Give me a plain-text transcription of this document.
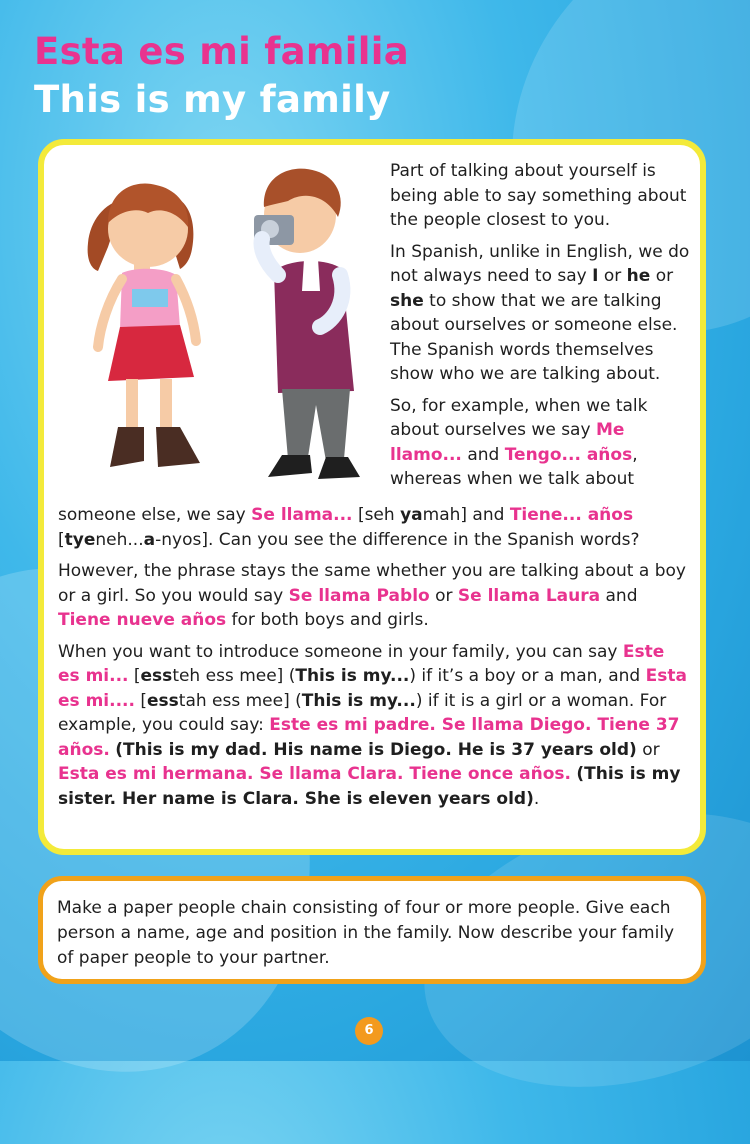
Esta es mi familia
This is my family

Part of talking about yourself is being able to say something about the people closest to you.

In Spanish, unlike in English, we do not always need to say I or he or she to show that we are talking about ourselves or someone else. The Spanish words themselves show who we are talking about.

So, for example, when we talk about ourselves we say Me llamo... and Tengo... años, whereas when we talk about

someone else, we say Se llama... [seh yamah] and Tiene... años [tyeneh...a-nyos]. Can you see the difference in the Spanish words?

However, the phrase stays the same whether you are talking about a boy or a girl. So you would say Se llama Pablo or Se llama Laura and Tiene nueve años for both boys and girls.

When you want to introduce someone in your family, you can say Este es mi... [essteh ess mee] (This is my...) if it’s a boy or a man, and Esta es mi.... [esstah ess mee] (This is my...) if it is a girl or a woman. For example, you could say: Este es mi padre. Se llama Diego. Tiene 37 años. (This is my dad. His name is Diego. He is 37 years old) or Esta es mi hermana. Se llama Clara. Tiene once años. (This is my sister. Her name is Clara. She is eleven years old).

Make a paper people chain consisting of four or more people. Give each person a name, age and position in the family. Now describe your family of paper people to your partner.

6
